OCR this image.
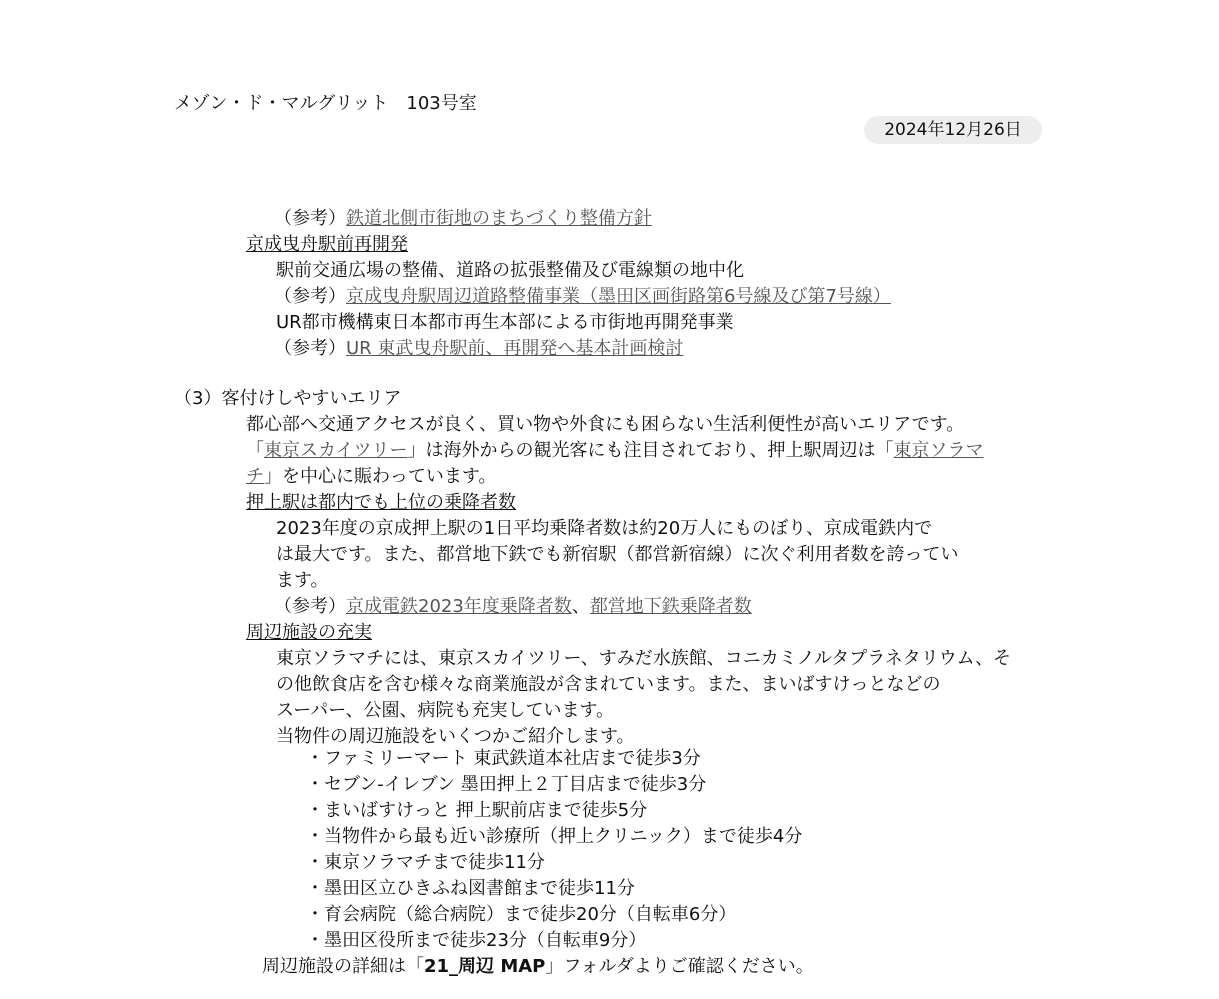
メゾン・ド・マルグリット　103号室
2024年12月26日
（参考）鉄道北側市街地のまちづくり整備方針
京成曳舟駅前再開発
駅前交通広場の整備、道路の拡張整備及び電線類の地中化
（参考）京成曳舟駅周辺道路整備事業（墨田区画街路第6号線及び第7号線）
UR都市機構東日本都市再生本部による市街地再開発事業
（参考）UR 東武曳舟駅前、再開発へ基本計画検討
（3）客付けしやすいエリア
都心部へ交通アクセスが良く、買い物や外食にも困らない生活利便性が高いエリアです。
「東京スカイツリー」は海外からの観光客にも注目されており、押上駅周辺は「東京ソラマ
チ」を中心に賑わっています。
押上駅は都内でも上位の乗降者数
2023年度の京成押上駅の1日平均乗降者数は約20万人にものぼり、京成電鉄内で
は最大です。また、都営地下鉄でも新宿駅（都営新宿線）に次ぐ利用者数を誇ってい
ます。
（参考）京成電鉄2023年度乗降者数、都営地下鉄乗降者数
周辺施設の充実
東京ソラマチには、東京スカイツリー、すみだ水族館、コニカミノルタプラネタリウム、そ
の他飲食店を含む様々な商業施設が含まれています。また、まいばすけっとなどの
スーパー、公園、病院も充実しています。
当物件の周辺施設をいくつかご紹介します。
・ファミリーマート 東武鉄道本社店まで徒歩3分
・セブン-イレブン 墨田押上２丁目店まで徒歩3分
・まいばすけっと 押上駅前店まで徒歩5分
・当物件から最も近い診療所（押上クリニック）まで徒歩4分
・東京ソラマチまで徒歩11分
・墨田区立ひきふね図書館まで徒歩11分
・育会病院（総合病院）まで徒歩20分（自転車6分）
・墨田区役所まで徒歩23分（自転車9分）
周辺施設の詳細は「21_周辺 MAP」フォルダよりご確認ください。
